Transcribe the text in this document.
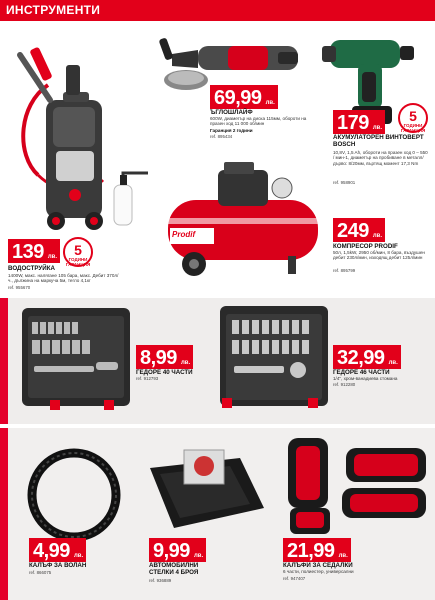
ИНСТРУМЕНТИ
139 лв.	5
ГОДИНИ ГАРАНЦИЯ
ВОДОСТРУЙКА
1400W, макс. налягане 105 бара, макс. Дебит 370л/ч., дължина на маркуча 5м, тегло 4,1кг
ref. 955670
69,99 лв.
ЪГЛОШЛАЙФ
600W, диаметър на диска 115мм, обороти на празен ход 11 000 об/мин
Гаранция 2 години
ref. 895434
5
ГОДИНИ ГАРАНЦИЯ
179 лв.
АКУМУЛАТОРЕН ВИНТОВЕРТ BOSCH
10,8V, 1,5 Ah, обороти на празен ход 0 – 550 / мин-1, диаметър на пробиване в металл/дърво: 8/20мм, въртящ момент 17,3 Nm
ref. 958901
Prodif	249 лв.
КОМПРЕСОР PRODIF
50л, 1,5kW, 2950 об/мин, 8 бара, въздушен дебит 230л/мин, изходящ дебит 125л/мин
ref. 895799
8,99 лв.
ГЕДОРЕ 40 ЧАСТИ
ref. 912793
32,99 лв.
ГЕДОРЕ 46 ЧАСТИ
1/4", хром-ванадиева стомана
ref. 912280
4,99 лв.
КАЛЪФ ЗА ВОЛАН
ref. 866075
9,99 лв.
АВТОМОБИЛНИ СТЕЛКИ 4 БРОЯ
ref. 936889
21,99 лв.
КАЛЪФИ ЗА СЕДАЛКИ
6 части, полиестер, универсални
ref. 947407
